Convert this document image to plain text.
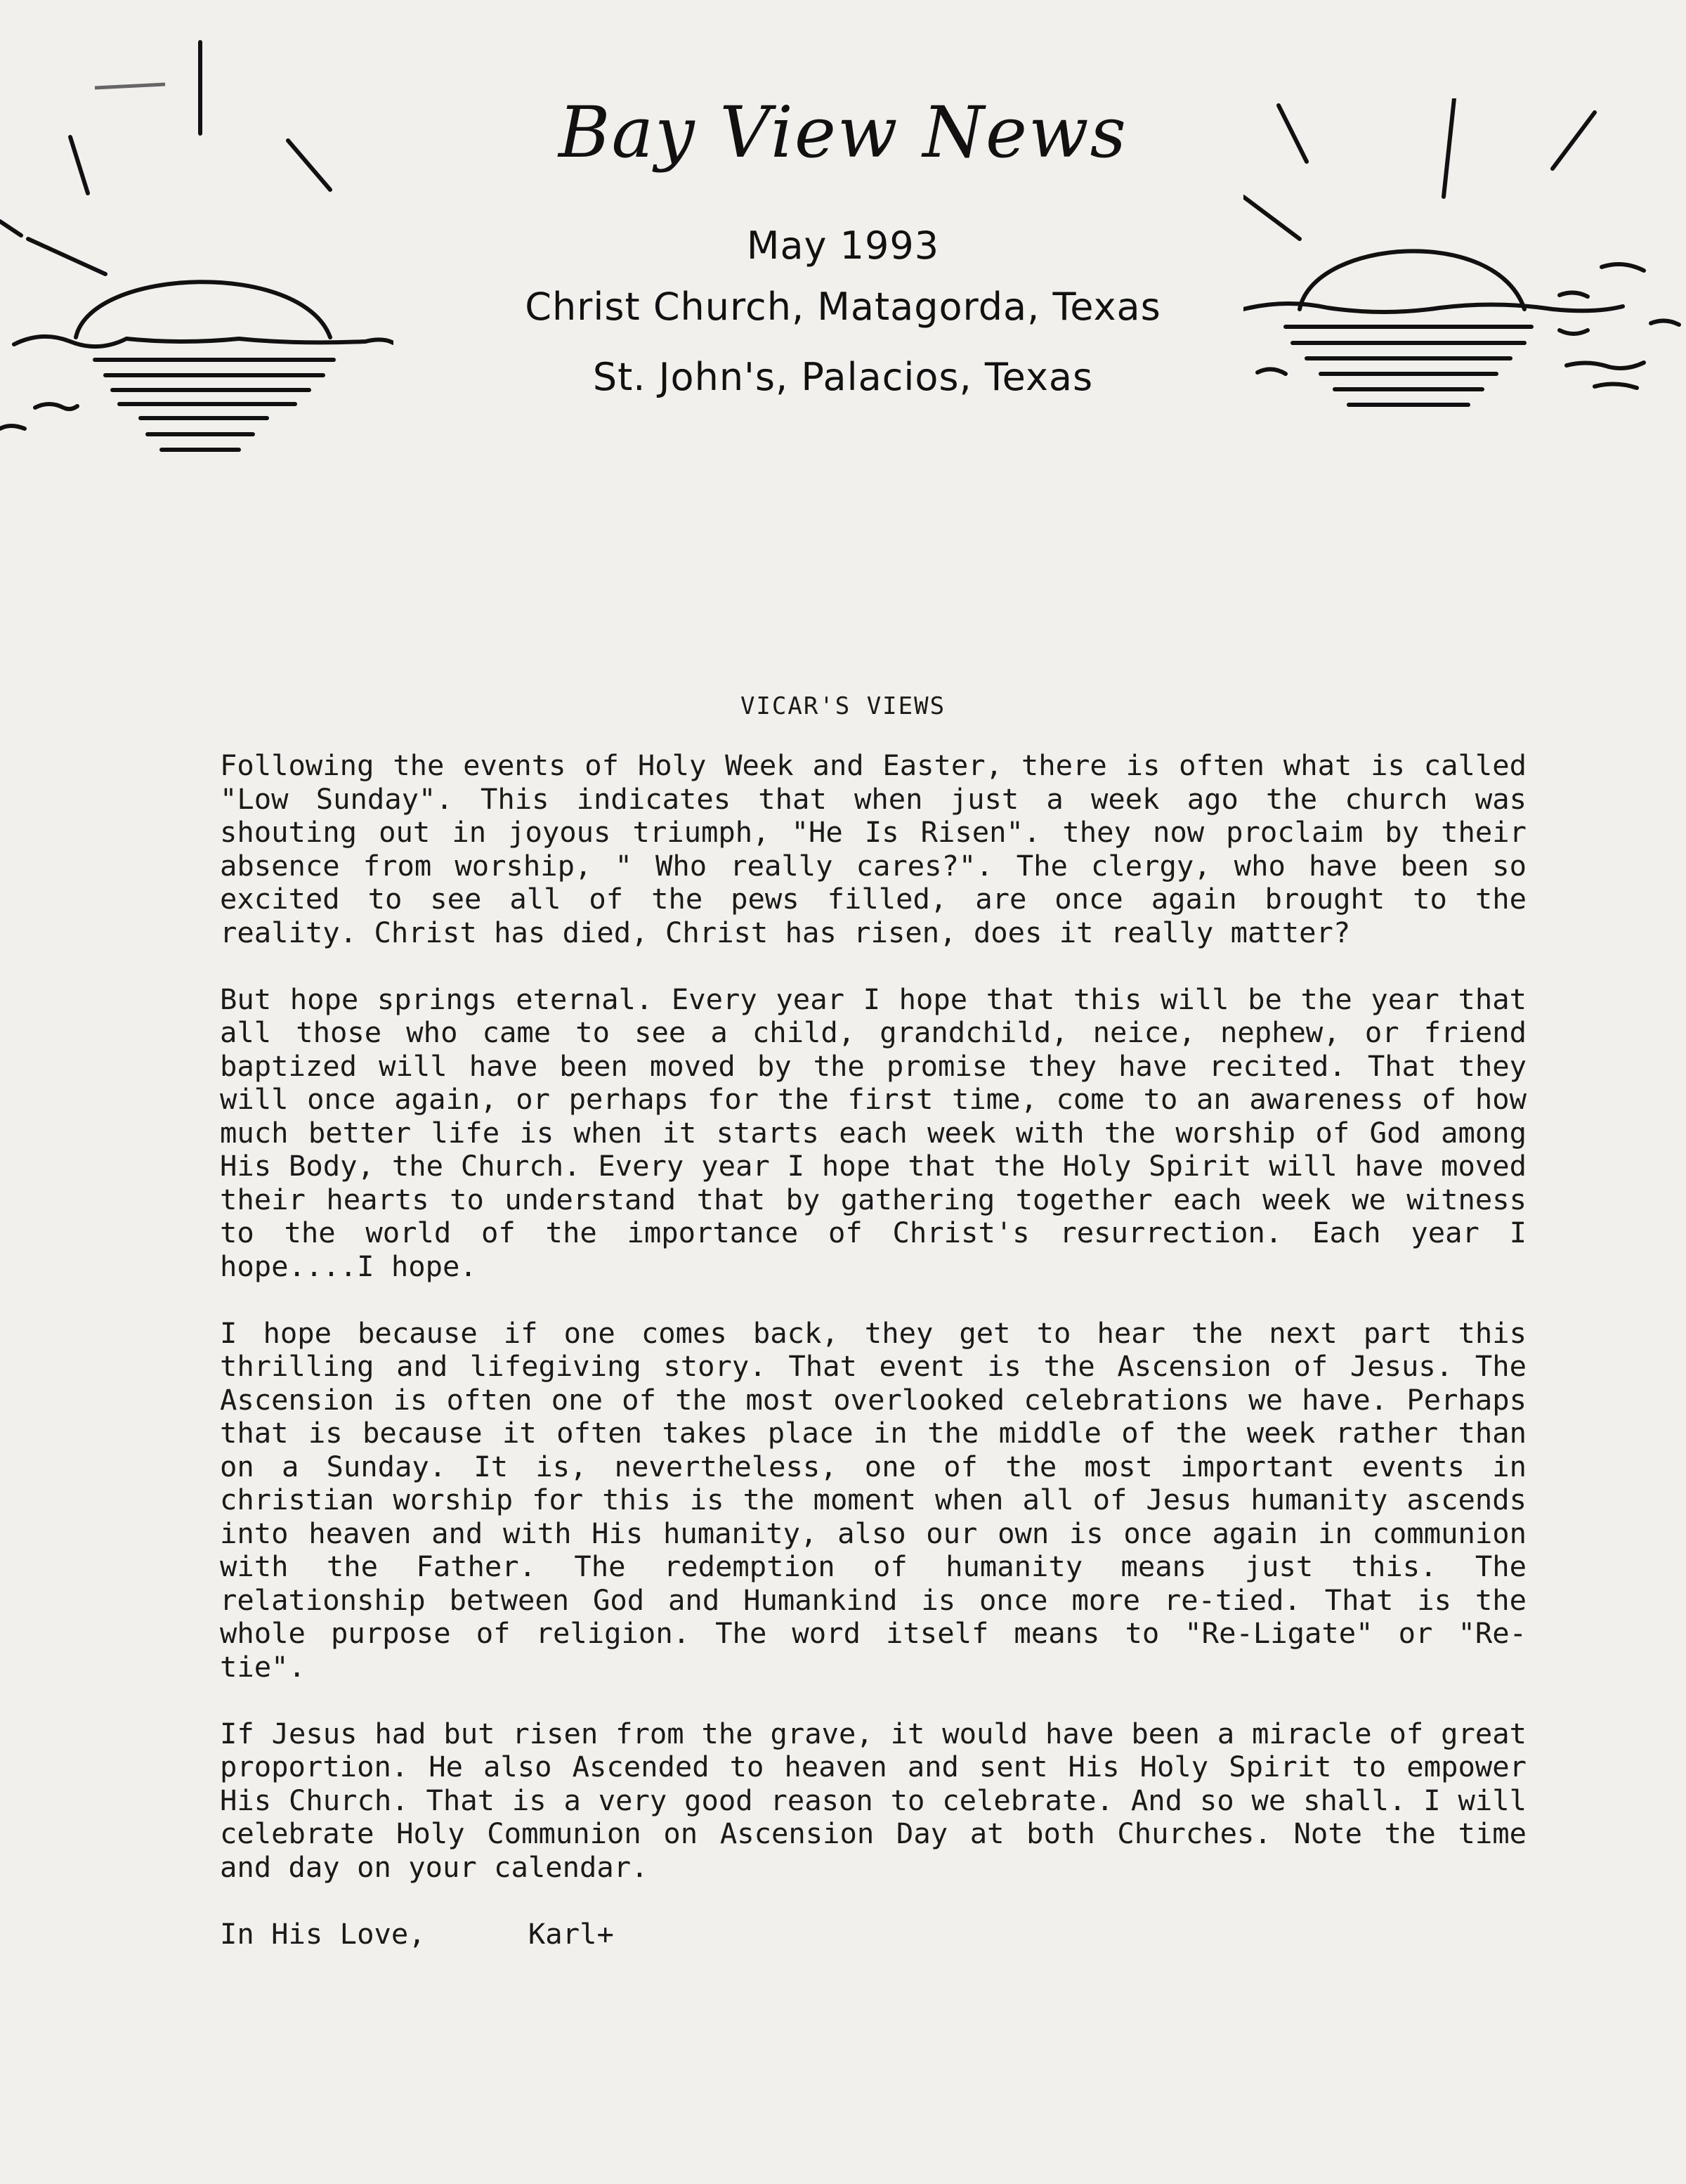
Bay View News
May 1993
Christ Church, Matagorda, Texas
St. John's, Palacios, Texas
VICAR'S VIEWS

Following the events of Holy Week and Easter, there is often what is called "Low Sunday". This indicates that when just a week ago the church was shouting out in joyous triumph, "He Is Risen". they now proclaim by their absence from worship, " Who really cares?". The clergy, who have been so excited to see all of the pews filled, are once again brought to the reality. Christ has died, Christ has risen, does it really matter?

But hope springs eternal. Every year I hope that this will be the year that all those who came to see a child, grandchild, neice, nephew, or friend baptized will have been moved by the promise they have recited. That they will once again, or perhaps for the first time, come to an awareness of how much better life is when it starts each week with the worship of God among His Body, the Church. Every year I hope that the Holy Spirit will have moved their hearts to understand that by gathering together each week we witness to the world of the importance of Christ's resurrection. Each year I hope....I hope.

I hope because if one comes back, they get to hear the next part this thrilling and lifegiving story. That event is the Ascension of Jesus. The Ascension is often one of the most overlooked celebrations we have. Perhaps that is because it often takes place in the middle of the week rather than on a Sunday. It is, nevertheless, one of the most important events in christian worship for this is the moment when all of Jesus humanity ascends into heaven and with His humanity, also our own is once again in communion with the Father. The redemption of humanity means just this. The relationship between God and Humankind is once more re-tied. That is the whole purpose of religion. The word itself means to "Re-Ligate" or "Re- tie".

If Jesus had but risen from the grave, it would have been a miracle of great proportion. He also Ascended to heaven and sent His Holy Spirit to empower His Church. That is a very good reason to celebrate. And so we shall. I will celebrate Holy Communion on Ascension Day at both Churches. Note the time and day on your calendar.

In His Love,	Karl+
